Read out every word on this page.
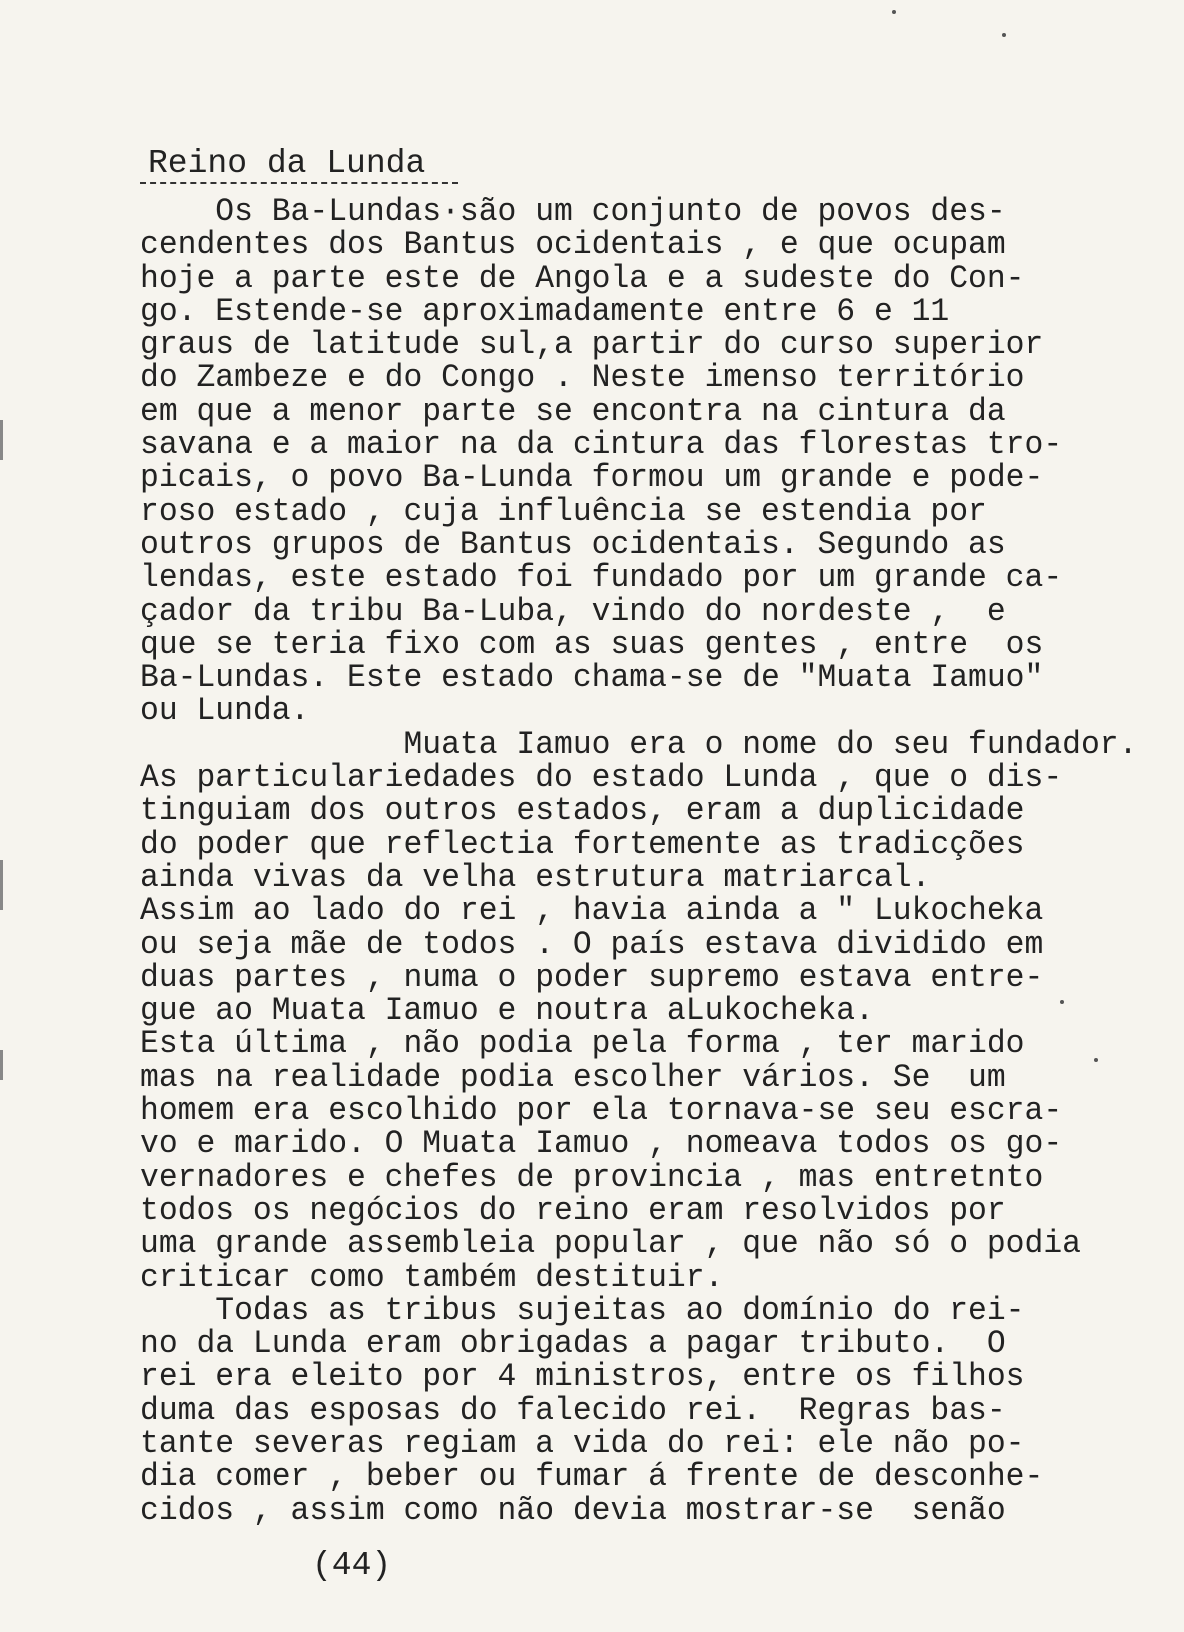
Reino da Lunda
Os Ba-Lundas·são um conjunto de povos des-
cendentes dos Bantus ocidentais , e que ocupam
hoje a parte este de Angola e a sudeste do Con-
go. Estende-se aproximadamente entre 6 e 11
graus de latitude sul,a partir do curso superior
do Zambeze e do Congo . Neste imenso território
em que a menor parte se encontra na cintura da
savana e a maior na da cintura das florestas tro-
picais, o povo Ba-Lunda formou um grande e pode-
roso estado , cuja influência se estendia por
outros grupos de Bantus ocidentais. Segundo as
lendas, este estado foi fundado por um grande ca-
çador da tribu Ba-Luba, vindo do nordeste ,  e
que se teria fixo com as suas gentes , entre  os
Ba-Lundas. Este estado chama-se de "Muata Iamuo"
ou Lunda.
Muata Iamuo era o nome do seu fundador.
As particulariedades do estado Lunda , que o dis-
tinguiam dos outros estados, eram a duplicidade
do poder que reflectia fortemente as tradicções
ainda vivas da velha estrutura matriarcal.
Assim ao lado do rei , havia ainda a " Lukocheka
ou seja mãe de todos . O país estava dividido em
duas partes , numa o poder supremo estava entre-
gue ao Muata Iamuo e noutra aLukocheka.
Esta última , não podia pela forma , ter marido
mas na realidade podia escolher vários. Se  um
homem era escolhido por ela tornava-se seu escra-
vo e marido. O Muata Iamuo , nomeava todos os go-
vernadores e chefes de provincia , mas entretnto
todos os negócios do reino eram resolvidos por
uma grande assembleia popular , que não só o podia
criticar como também destituir.
Todas as tribus sujeitas ao domínio do rei-
no da Lunda eram obrigadas a pagar tributo.  O
rei era eleito por 4 ministros, entre os filhos
duma das esposas do falecido rei.  Regras bas-
tante severas regiam a vida do rei: ele não po-
dia comer , beber ou fumar á frente de desconhe-
cidos , assim como não devia mostrar-se  senão
(44)
